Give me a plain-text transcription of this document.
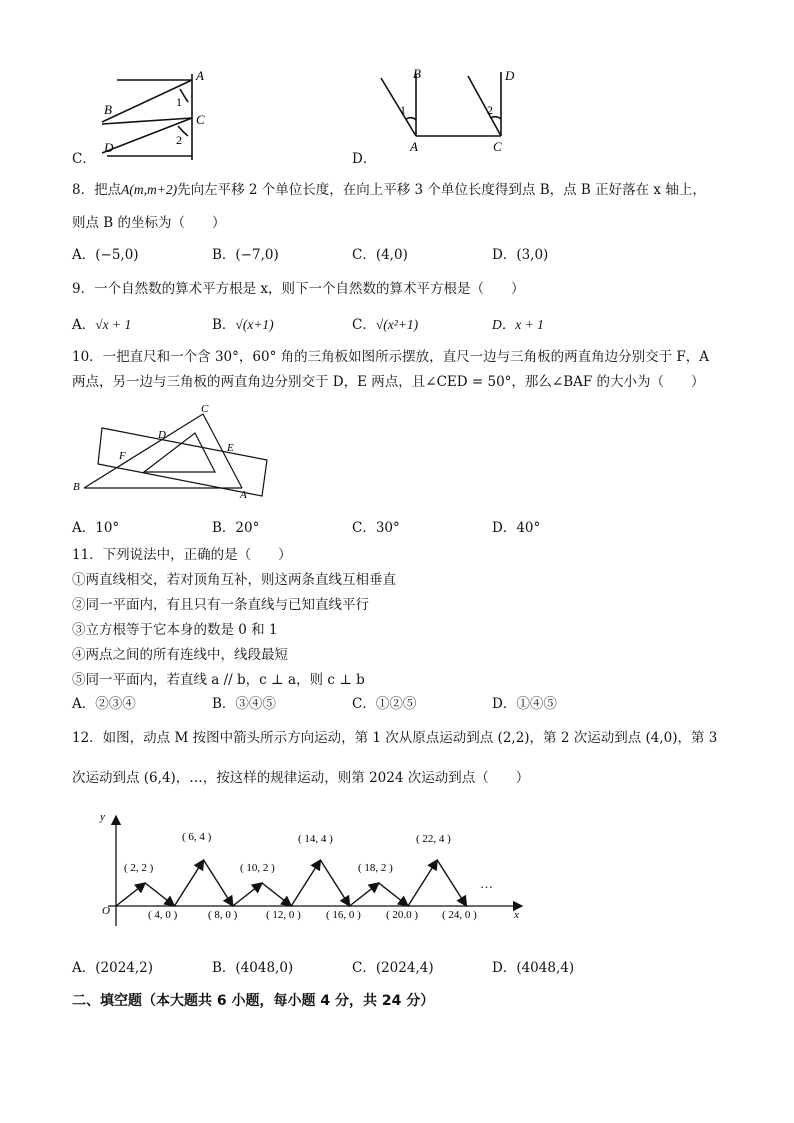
A
B	1
C
D	2
C．
B	D
1	2
A	C
D．
8．把点A(m,m+2)先向左平移 2 个单位长度，在向上平移 3 个单位长度得到点 B，点 B 正好落在 x 轴上，
则点 B 的坐标为（　　）
A．(−5,0)	B．(−7,0)	C．(4,0)	D．(3,0)
9．一个自然数的算术平方根是 x，则下一个自然数的算术平方根是（　　）
A．√x + 1	B．√(x+1)	C．√(x²+1)	D．x + 1
10．一把直尺和一个含 30°，60° 角的三角板如图所示摆放，直尺一边与三角板的两直角边分别交于 F，A
两点，另一边与三角板的两直角边分别交于 D，E 两点，且∠CED = 50°，那么∠BAF 的大小为（　　）
C
D
E
F
B
A
A．10°	B．20°	C．30°	D．40°
11．下列说法中，正确的是（　　）
①两直线相交，若对顶角互补，则这两条直线互相垂直
②同一平面内，有且只有一条直线与已知直线平行
③立方根等于它本身的数是 0 和 1
④两点之间的所有连线中，线段最短
⑤同一平面内，若直线 a // b，c ⊥ a，则 c ⊥ b
A．②③④	B．③④⑤	C．①②⑤	D．①④⑤
12．如图，动点 M 按图中箭头所示方向运动，第 1 次从原点运动到点 (2,2)，第 2 次运动到点 (4,0)，第 3
次运动到点 (6,4)，…，按这样的规律运动，则第 2024 次运动到点（　　）
y
x
O
( 2, 2 )
( 6, 4 )
( 10, 2 )
( 14, 4 )
( 18, 2 )
( 22, 4 )
( 4, 0 )	( 8, 0 )	( 12, 0 ) ( 16, 0 ) ( 20.0 ) ( 24, 0 )
…
A．(2024,2)	B．(4048,0)	C．(2024,4)	D．(4048,4)
二、填空题（本大题共 6 小题，每小题 4 分，共 24 分）
